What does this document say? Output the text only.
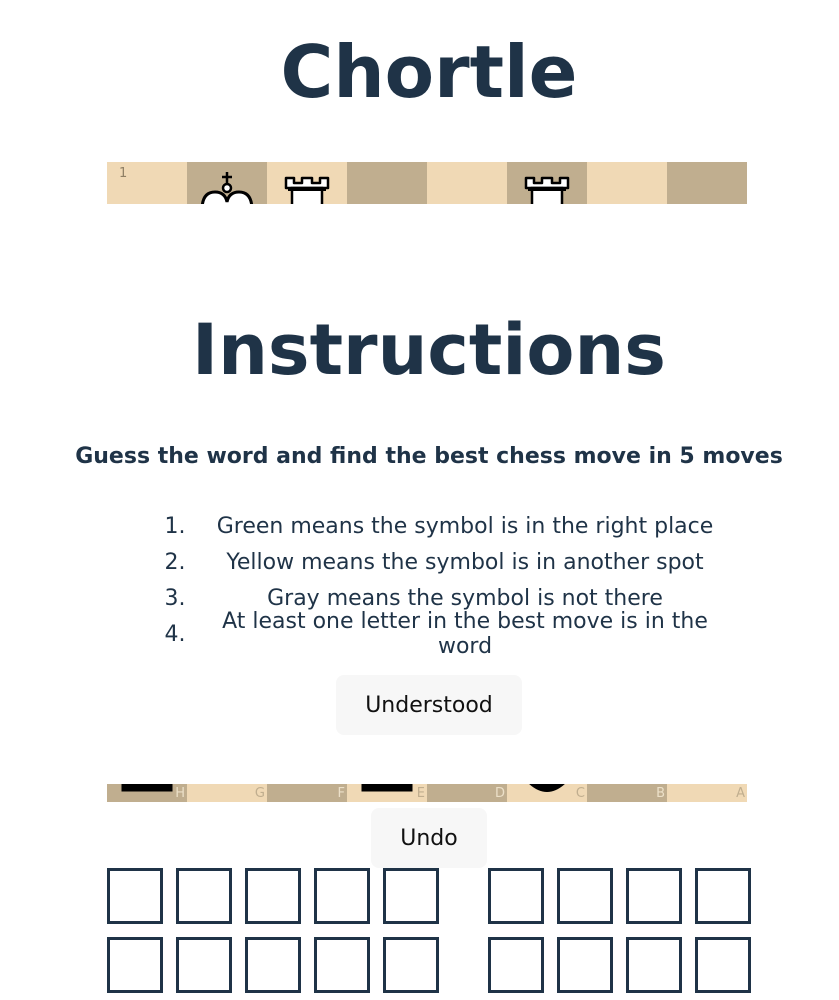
Chortle
1
Instructions
Guess the word and find the best chess move in 5 moves
1.	Green means the symbol is in the right place
2.	Yellow means the symbol is in another spot
3.	Gray means the symbol is not there
4.	At least one letter in the best move is in the word
Understood
H	G	F	E	D	C	B	A
Undo
